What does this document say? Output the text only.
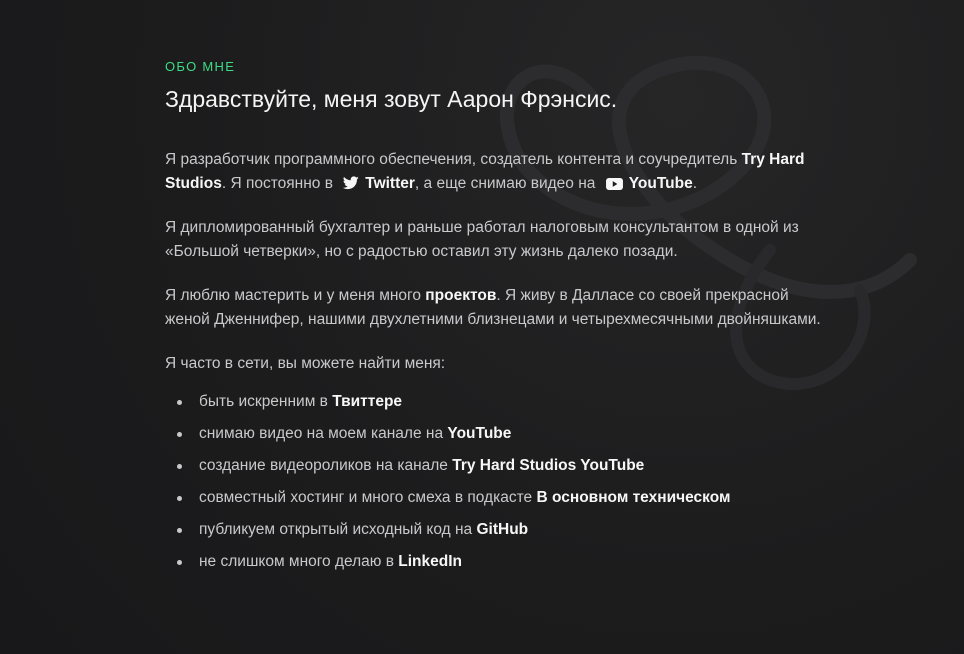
ОБО МНЕ
Здравствуйте, меня зовут Аарон Фрэнсис.

Я разработчик программного обеспечения, создатель контента и соучредитель Try Hard Studios. Я постоянно в Twitter, а еще снимаю видео на YouTube.

Я дипломированный бухгалтер и раньше работал налоговым консультантом в одной из «Большой четверки», но с радостью оставил эту жизнь далеко позади.

Я люблю мастерить и у меня много проектов. Я живу в Далласе со своей прекрасной женой Дженнифер, нашими двухлетними близнецами и четырехмесячными двойняшками.

Я часто в сети, вы можете найти меня:

быть искренним в Твиттере
снимаю видео на моем канале на YouTube
создание видеороликов на канале Try Hard Studios YouTube
совместный хостинг и много смеха в подкасте В основном техническом
публикуем открытый исходный код на GitHub
не слишком много делаю в LinkedIn
